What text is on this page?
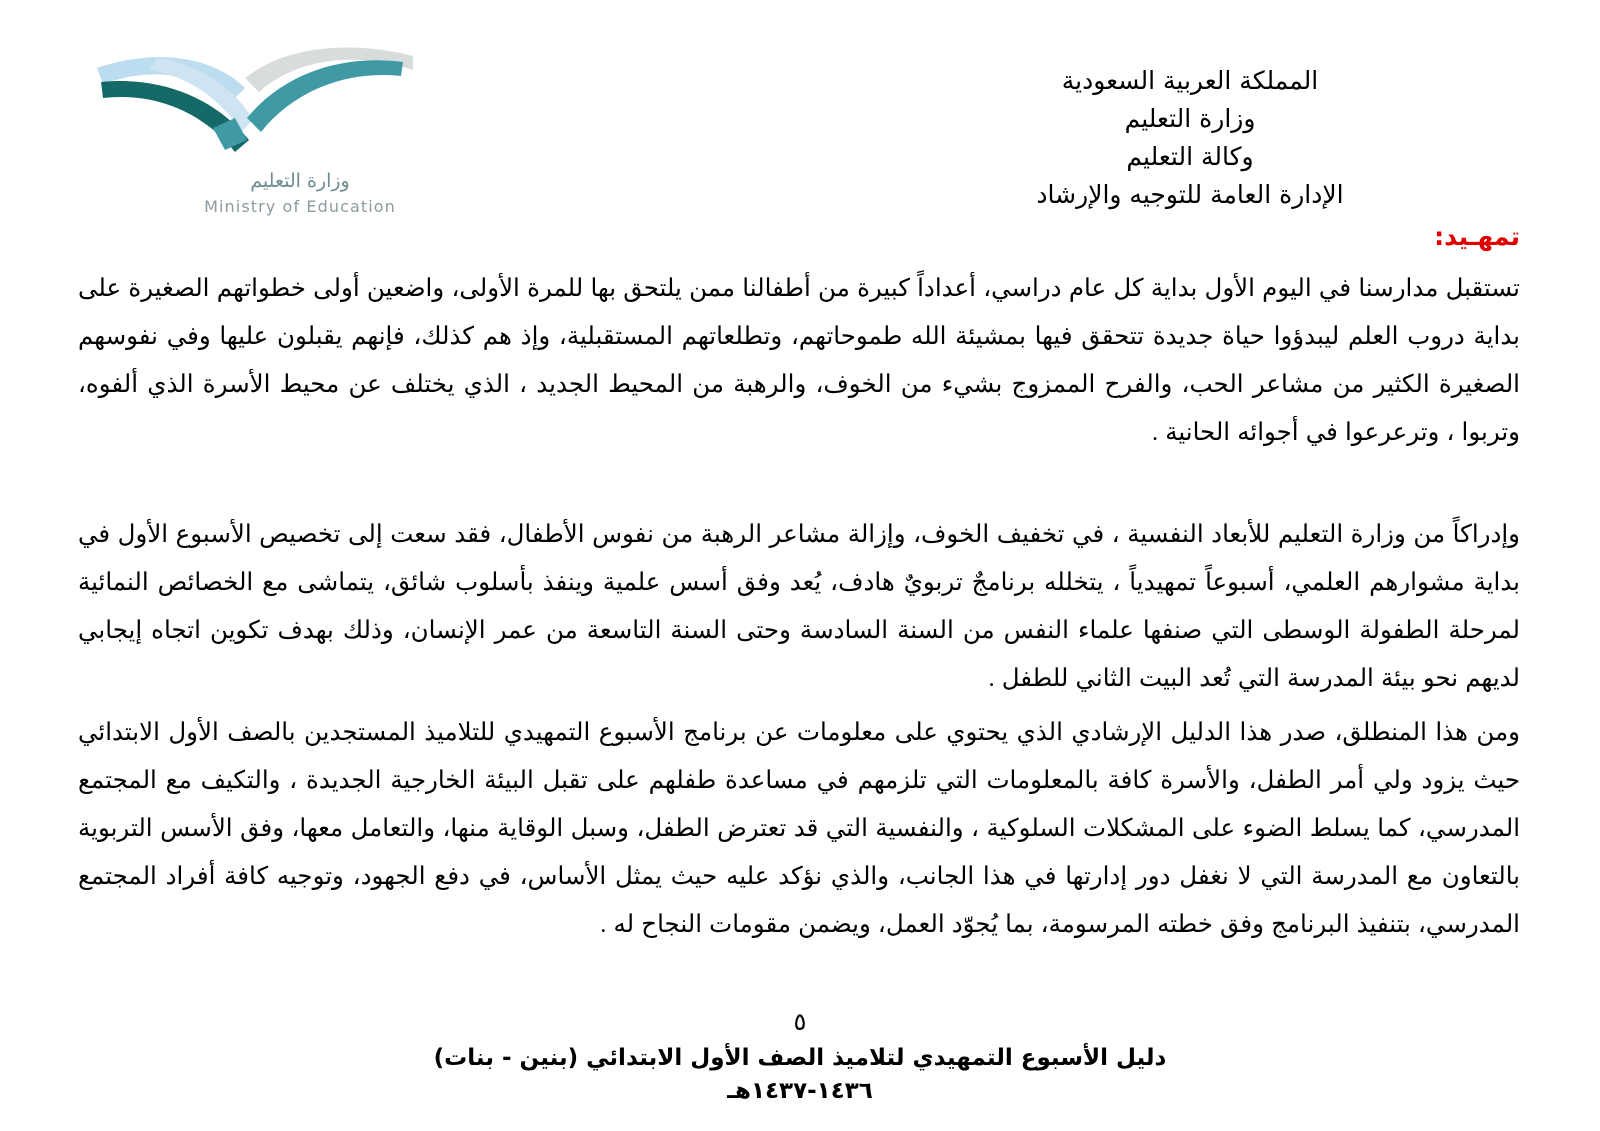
وزارة التعليم
Ministry of Education
المملكة العربية السعودية
وزارة التعليم
وكالة التعليم
الإدارة العامة للتوجيه والإرشاد
تمهـيد:

تستقبل مدارسنا في اليوم الأول بداية كل عام دراسي، أعداداً كبيرة من أطفالنا ممن يلتحق بها للمرة الأولى، واضعين أولى خطواتهم الصغيرة على بداية دروب العلم ليبدؤوا حياة جديدة تتحقق فيها بمشيئة الله طموحاتهم، وتطلعاتهم المستقبلية، وإذ هم كذلك، فإنهم يقبلون عليها وفي نفوسهم الصغيرة الكثير من مشاعر الحب، والفرح الممزوج بشيء من الخوف، والرهبة من المحيط الجديد ، الذي يختلف عن محيط الأسرة الذي ألفوه، وتربوا ، وترعرعوا في أجوائه الحانية .

وإدراكاً من وزارة التعليم للأبعاد النفسية ، في تخفيف الخوف، وإزالة مشاعر الرهبة من نفوس الأطفال، فقد سعت إلى تخصيص الأسبوع الأول في بداية مشوارهم العلمي، أسبوعاً تمهيدياً ، يتخلله برنامجٌ تربويٌ هادف، يُعد وفق أسس علمية وينفذ بأسلوب شائق، يتماشى مع الخصائص النمائية لمرحلة الطفولة الوسطى التي صنفها علماء النفس من السنة السادسة وحتى السنة التاسعة من عمر الإنسان، وذلك بهدف تكوين اتجاه إيجابي لديهم نحو بيئة المدرسة التي تُعد البيت الثاني للطفل .

ومن هذا المنطلق، صدر هذا الدليل الإرشادي الذي يحتوي على معلومات عن برنامج الأسبوع التمهيدي للتلاميذ المستجدين بالصف الأول الابتدائي حيث يزود ولي أمر الطفل، والأسرة كافة بالمعلومات التي تلزمهم في مساعدة طفلهم على تقبل البيئة الخارجية الجديدة ، والتكيف مع المجتمع المدرسي، كما يسلط الضوء على المشكلات السلوكية ، والنفسية التي قد تعترض الطفل، وسبل الوقاية منها، والتعامل معها، وفق الأسس التربوية بالتعاون مع المدرسة التي لا نغفل دور إدارتها في هذا الجانب، والذي نؤكد عليه حيث يمثل الأساس، في دفع الجهود، وتوجيه كافة أفراد المجتمع المدرسي، بتنفيذ البرنامج وفق خطته المرسومة، بما يُجوّد العمل، ويضمن مقومات النجاح له .

٥
دليل الأسبوع التمهيدي لتلاميذ الصف الأول الابتدائي (بنين - بنات)
١٤٣٦-١٤٣٧هـ
